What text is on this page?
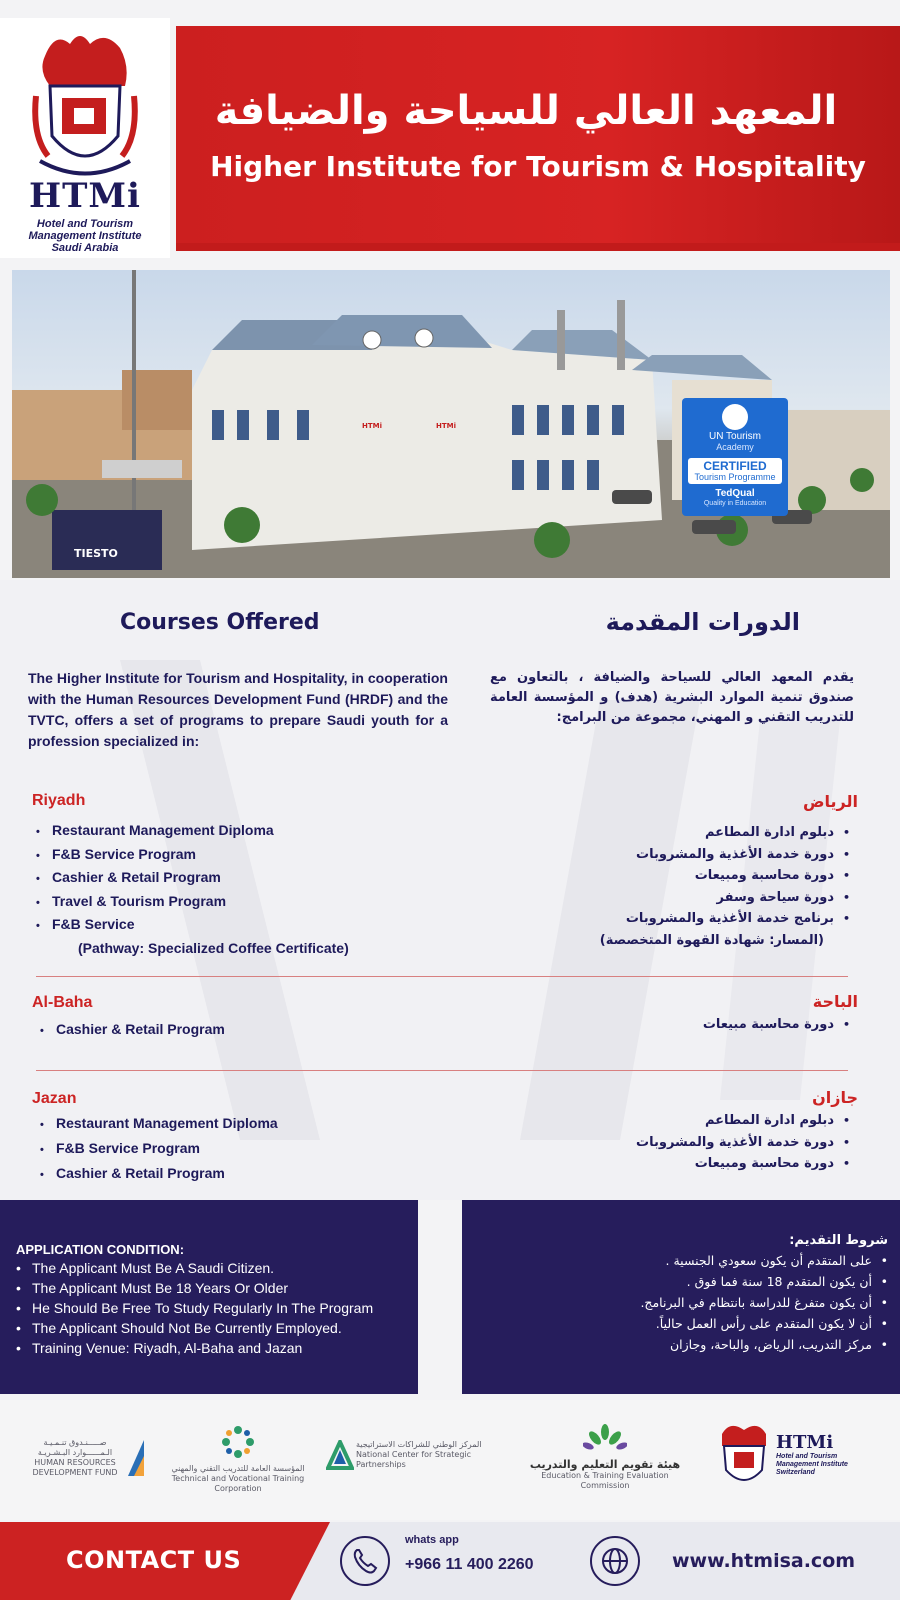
HTMi
Hotel and Tourism
Management Institute
Saudi Arabia
المعهد العالي للسياحة والضيافة
Higher Institute for Tourism & Hospitality
TIESTO
HTMi	HTMi
UN Tourism
Academy
CERTIFIED
Tourism Programme
TedQual
Quality in Education
Courses Offered	الدورات المقدمة
The Higher Institute for Tourism and Hospitality, in cooperation with the Human Resources Development Fund (HRDF) and the TVTC, offers a set of programs to prepare Saudi youth for a profession specialized in:
يقدم المعهد العالي للسياحة والضيافة ، بالتعاون مع صندوق تنمية الموارد البشرية (هدف) و المؤسسة العامة للتدريب التقني و المهني، مجموعة من البرامج:
Riyadh	الرياض
• Restaurant Management Diploma
• F&B Service Program
• Cashier & Retail Program
• Travel & Tourism Program
• F&B Service
(Pathway: Specialized Coffee Certificate)
• دبلوم ادارة المطاعم
• دورة خدمة الأغذية والمشروبات
• دورة محاسبة ومبيعات
• دورة سياحة وسفر
• برنامج خدمة الأغذية والمشروبات
(المسار: شهادة القهوة المتخصصة)
Al-Baha	الباحة
• Cashier & Retail Program
•	دورة محاسبة مبيعات
Jazan	جازان
• Restaurant Management Diploma
• F&B Service Program
• Cashier & Retail Program
• دبلوم ادارة المطاعم
• دورة خدمة الأغذية والمشروبات
• دورة محاسبة ومبيعات
APPLICATION CONDITION:
• The Applicant Must Be A Saudi Citizen.
• The Applicant Must Be 18 Years Or Older
• He Should Be Free To Study Regularly In The Program
• The Applicant Should Not Be Currently Employed.
• Training Venue: Riyadh, Al-Baha and Jazan
شروط التقديم:
• على المتقدم أن يكون سعودي الجنسية .
• أن يكون المتقدم 18 سنة فما فوق .
• أن يكون متفرغ للدراسة بانتظام في البرنامج.
• أن لا يكون المتقدم على رأس العمل حالياً.
• مركز التدريب، الرياض، والباحة، وجازان
صـــــنـدوق تنـمـيـة
الـمــــــوارد البـشـريـة
HUMAN RESOURCES
DEVELOPMENT FUND	المؤسسة العامة للتدريب التقني والمهني
Technical and Vocational Training Corporation
المركز الوطني للشراكات الاستراتيجية
National Center for Strategic Partnerships	هيئة تقويم التعليم والتدريب
Education & Training Evaluation Commission
HTMi
Hotel and Tourism
Management Institute
Switzerland
CONTACT US
whats app
+966 11 400 2260	www.htmisa.com
